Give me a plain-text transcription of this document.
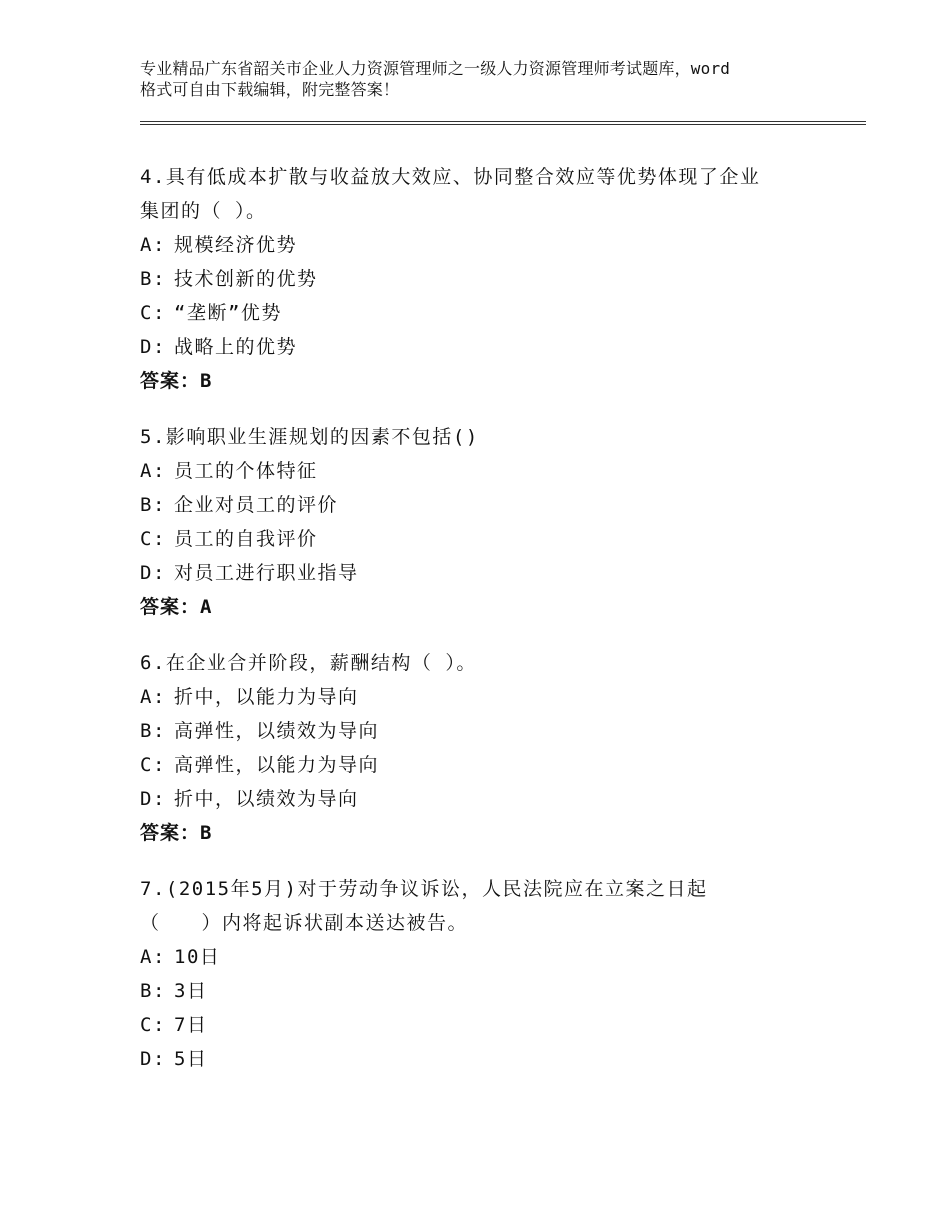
专业精品广东省韶关市企业人力资源管理师之一级人力资源管理师考试题库，word
格式可自由下载编辑，附完整答案！
4.具有低成本扩散与收益放大效应、协同整合效应等优势体现了企业
集团的（ ）。
A: 规模经济优势
B: 技术创新的优势
C: “垄断”优势
D: 战略上的优势
答案：B
5.影响职业生涯规划的因素不包括()
A: 员工的个体特征
B: 企业对员工的评价
C: 员工的自我评价
D: 对员工进行职业指导
答案：A
6.在企业合并阶段，薪酬结构（ ）。
A: 折中，以能力为导向
B: 高弹性，以绩效为导向
C: 高弹性，以能力为导向
D: 折中，以绩效为导向
答案：B
7.(2015年5月)对于劳动争议诉讼，人民法院应在立案之日起
（　　）内将起诉状副本送达被告。
A: 10日
B: 3日
C: 7日
D: 5日
